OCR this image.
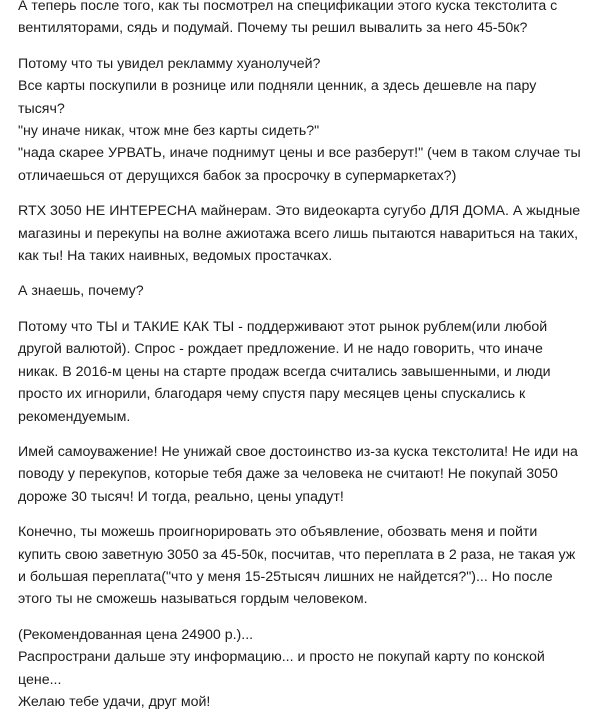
А теперь после того, как ты посмотрел на спецификации этого куска текстолита с
вентиляторами, сядь и подумай. Почему ты решил вывалить за него 45-50к?

Потому что ты увидел рекламму хуанолучей?
Все карты поскупили в рознице или подняли ценник, а здесь дешевле на пару
тысяч?
"ну иначе никак, чтож мне без карты сидеть?"
"нада скарее УРВАТЬ, иначе поднимут цены и все разберут!" (чем в таком случае ты
отличаешься от дерущихся бабок за просрочку в супермаркетах?)

RTX 3050 НЕ ИНТЕРЕСНА майнерам. Это видеокарта сугубо ДЛЯ ДОМА. А жыдные
магазины и перекупы на волне ажиотажа всего лишь пытаются навариться на таких,
как ты! На таких наивных, ведомых простачках.

А знаешь, почему?

Потому что ТЫ и ТАКИЕ КАК ТЫ - поддерживают этот рынок рублем(или любой
другой валютой). Спрос - рождает предложение. И не надо говорить, что иначе
никак. В 2016-м цены на старте продаж всегда считались завышенными, и люди
просто их игнорили, благодаря чему спустя пару месяцев цены спускались к
рекомендуемым.

Имей самоуважение! Не унижай свое достоинство из-за куска текстолита! Не иди на
поводу у перекупов, которые тебя даже за человека не считают! Не покупай 3050
дороже 30 тысяч! И тогда, реально, цены упадут!

Конечно, ты можешь проигнорировать это объявление, обозвать меня и пойти
купить свою заветную 3050 за 45-50к, посчитав, что переплата в 2 раза, не такая уж
и большая переплата("что у меня 15-25тысяч лишних не найдется?")... Но после
этого ты не сможешь называться гордым человеком.

(Рекомендованная цена 24900 р.)...
Распространи дальше эту информацию... и просто не покупай карту по конской
цене...
Желаю тебе удачи, друг мой!
